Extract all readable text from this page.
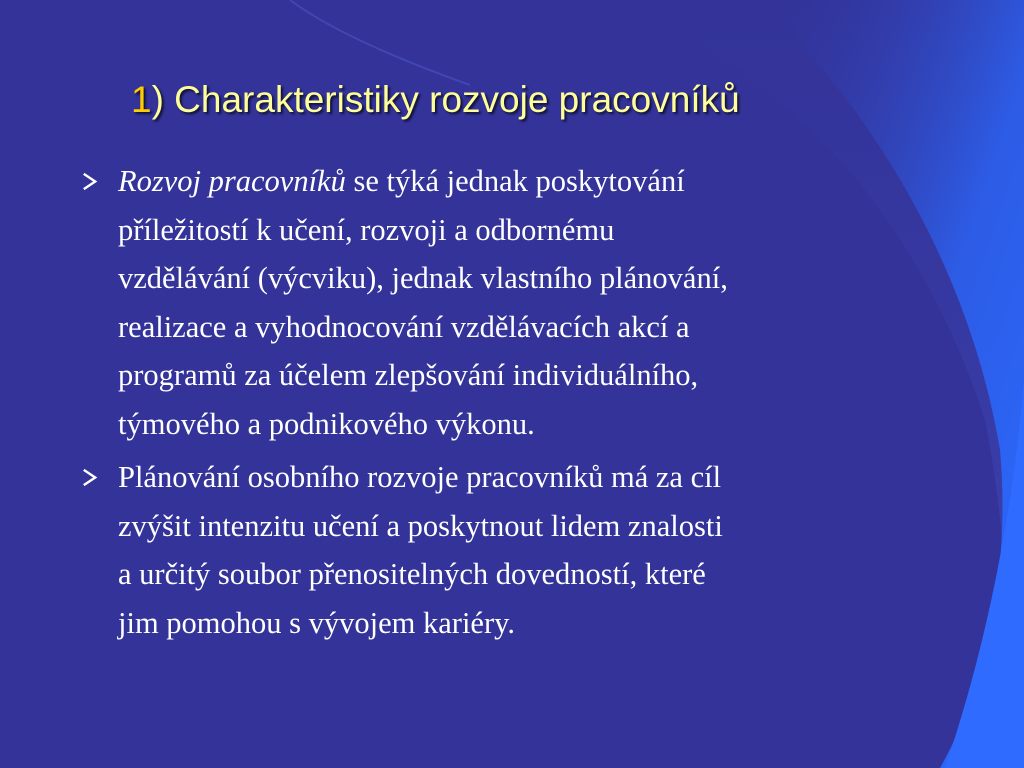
1) Charakteristiky rozvoje pracovníků
Rozvoj pracovníků se týká jednak poskytování
příležitostí k učení, rozvoji a odbornému
vzdělávání (výcviku), jednak vlastního plánování,
realizace a vyhodnocování vzdělávacích akcí a
programů za účelem zlepšování individuálního,
týmového a podnikového výkonu.
Plánování osobního rozvoje pracovníků má za cíl
zvýšit intenzitu učení a poskytnout lidem znalosti
a určitý soubor přenositelných dovedností, které
jim pomohou s vývojem kariéry.
